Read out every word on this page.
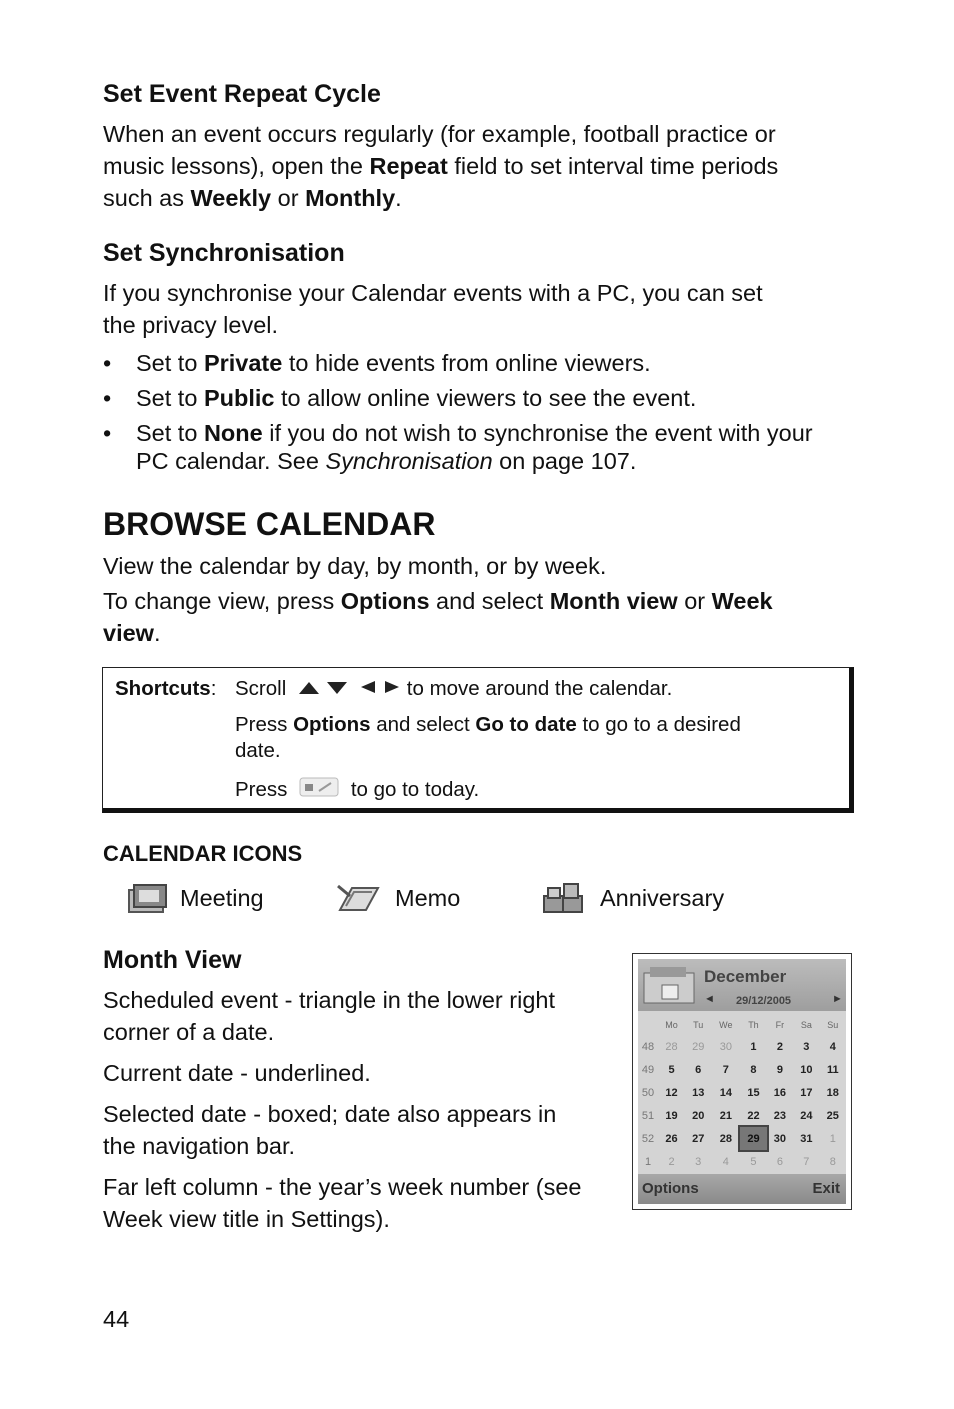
Set Event Repeat Cycle
When an event occurs regularly (for example, football practice or
music lessons), open the Repeat field to set interval time periods
such as Weekly or Monthly.
Set Synchronisation
If you synchronise your Calendar events with a PC, you can set
the privacy level.
• Set to Private to hide events from online viewers.
• Set to Public to allow online viewers to see the event.
• Set to None if you do not wish to synchronise the event with your PC calendar. See Synchronisation on page 107.
BROWSE CALENDAR
View the calendar by day, by month, or by week.
To change view, press Options and select Month view or Week
view.
Shortcuts: Scroll	to move around the calendar.
Press Options and select Go to date to go to a desired
date.
Press	to go to today.
CALENDAR ICONS
Meeting	Memo	Anniversary
Month View
Scheduled event - triangle in the lower right
corner of a date.
Current date - underlined.
Selected date - boxed; date also appears in
the navigation bar.
Far left column - the year’s week number (see
Week view title in Settings).
December
◄ 29/12/2005	►
	Mo	Tu	We	Th	Fr	Sa	Su
48	28	29	30	1	2	3	4
49	5	6	7	8	9	10	11
50	12	13	14	15	16	17	18
51	19	20	21	22	23	24	25
52	26	27	28	29	30	31	1
1	2	3	4	5	6	7	8
Options	Exit
44
